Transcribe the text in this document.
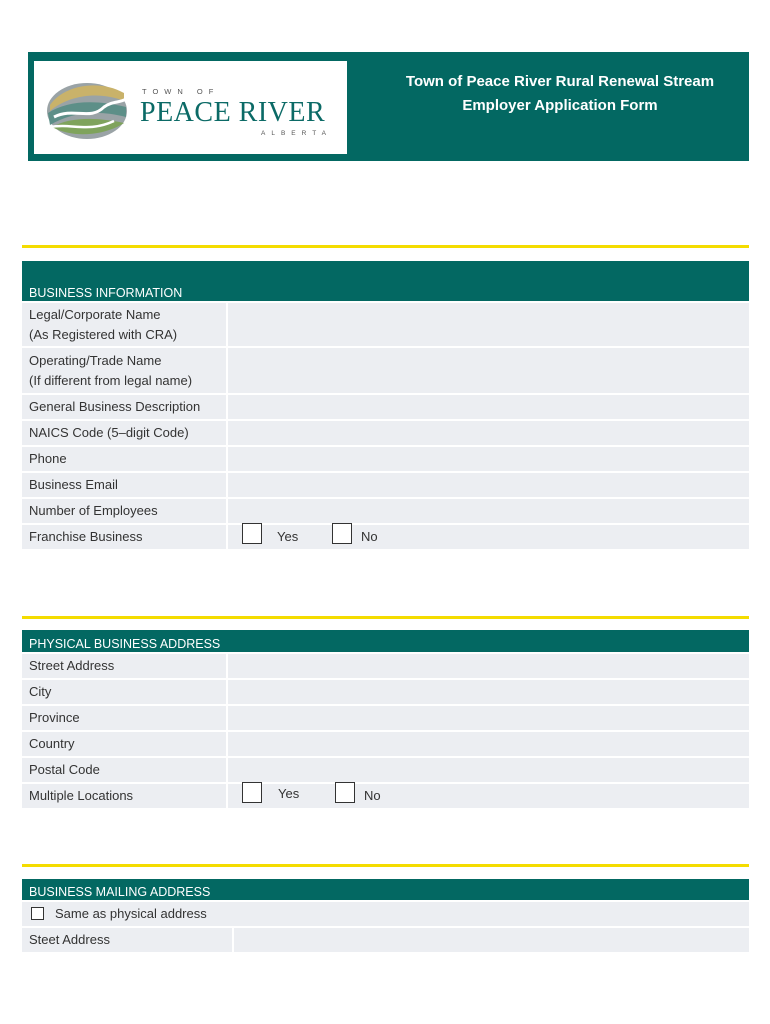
TOWN OF
PEACE RIVER
ALBERTA
Town of Peace River Rural Renewal Stream
Employer Application Form
BUSINESS INFORMATION
Legal/Corporate Name
(As Registered with CRA)
Operating/Trade Name
(If different from legal name)
General Business Description
NAICS Code (5–digit Code)
Phone
Business Email
Number of Employees
Franchise Business	Yes	No
PHYSICAL BUSINESS ADDRESS
Street Address
City
Province
Country
Postal Code
Multiple Locations	Yes	No
BUSINESS MAILING ADDRESS
Same as physical address
Steet Address
